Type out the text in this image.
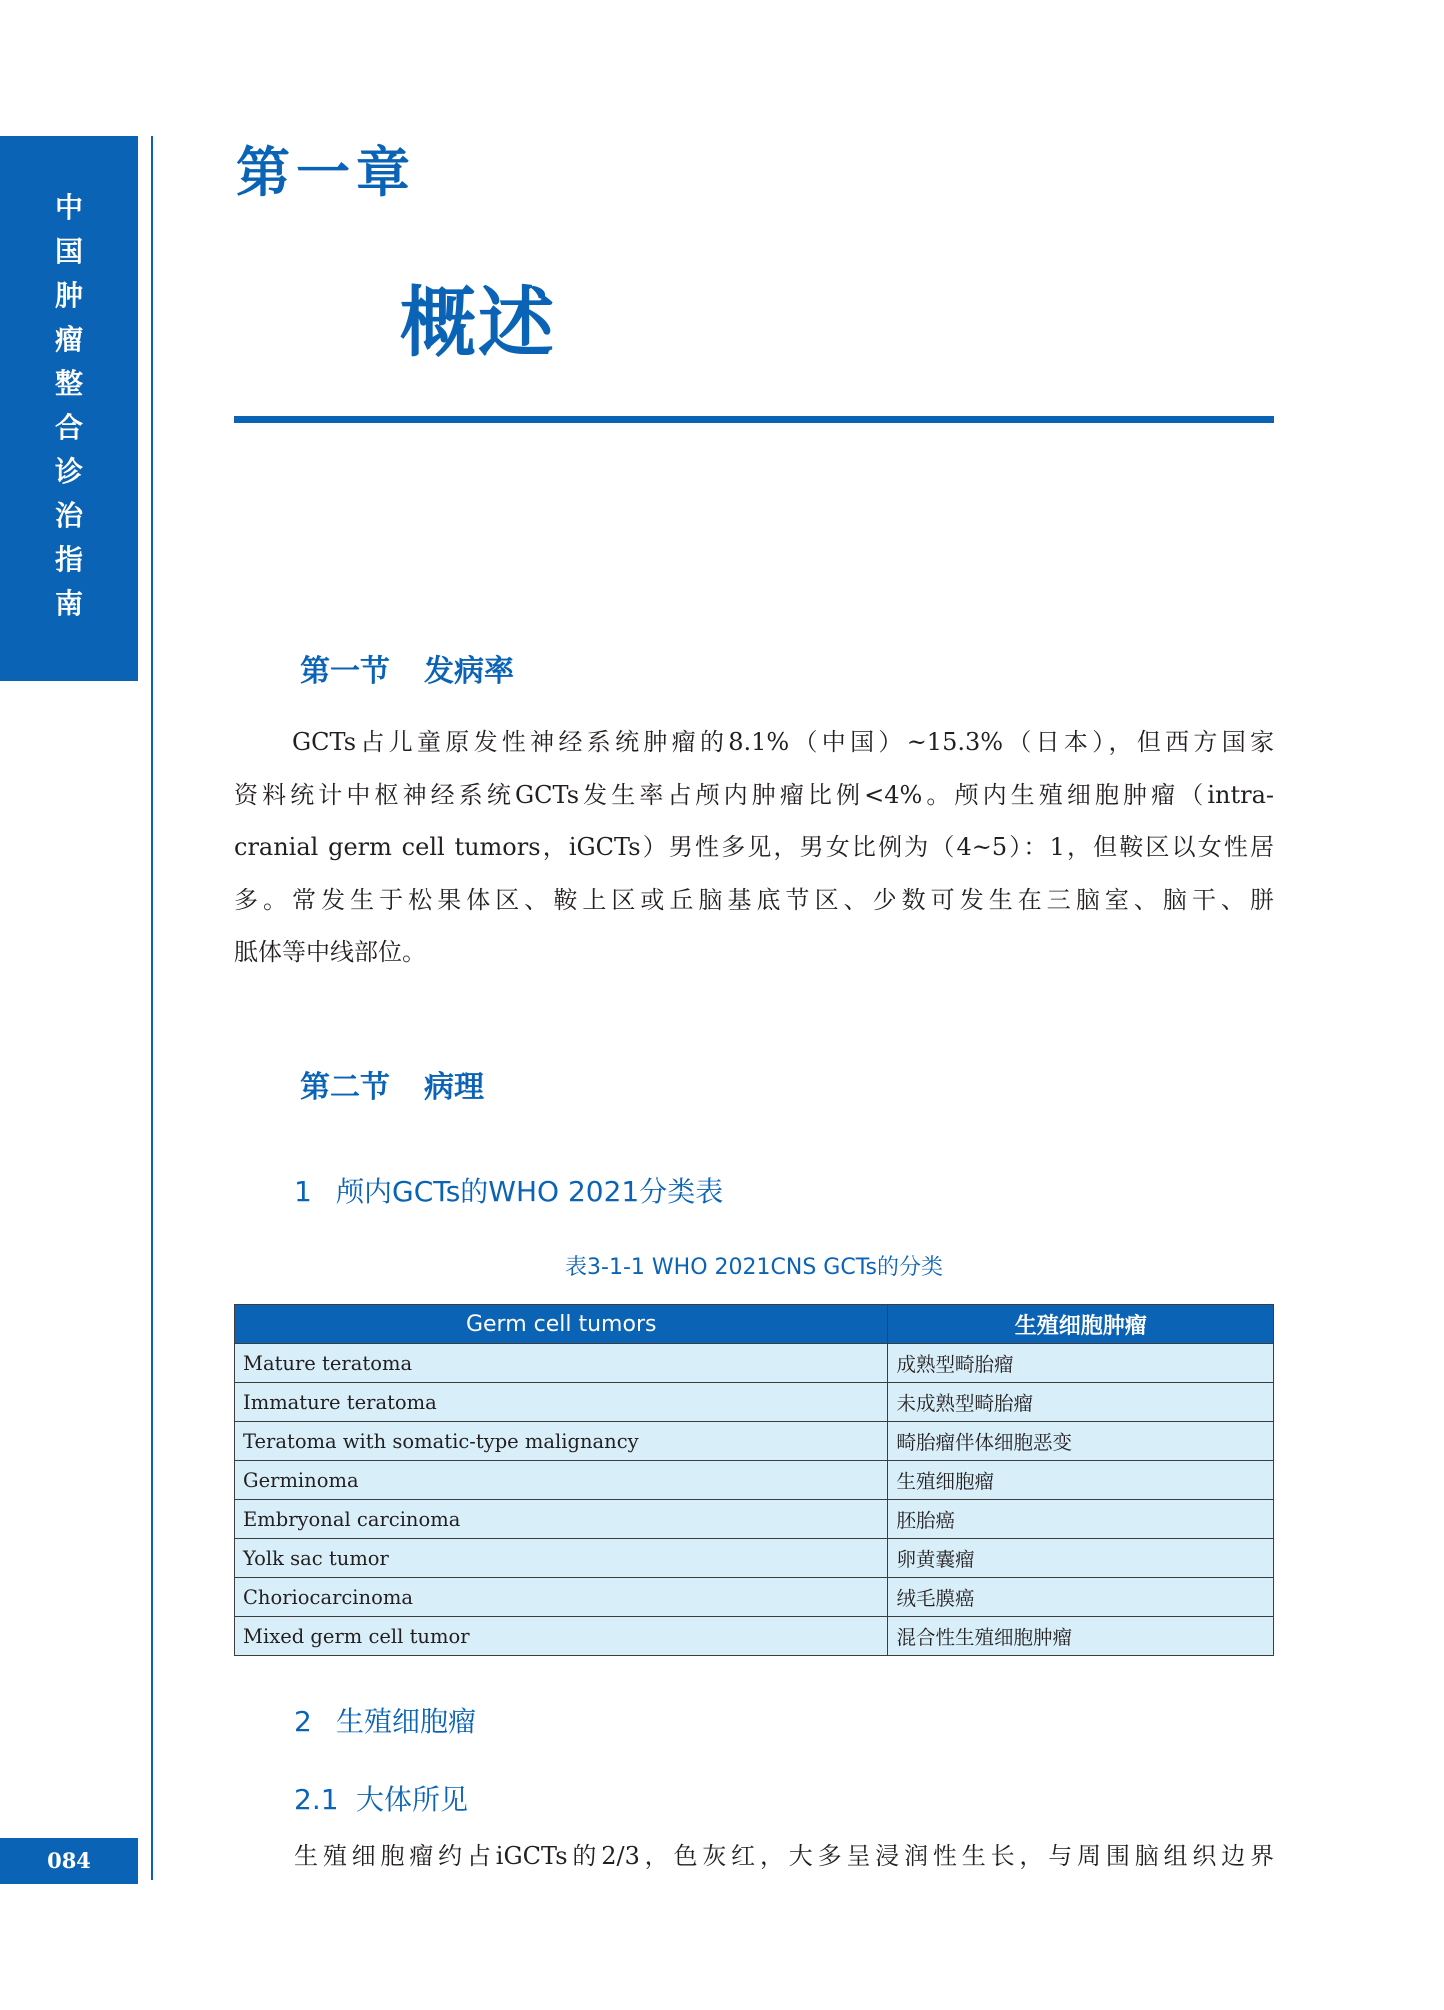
中
国
肿
瘤
整
合
诊
治
指
南
084
第一章
概述
第一节 发病率

GCTs占儿童原发性神经系统肿瘤的8.1%（中国）~15.3%（日本），但西方国家

资料统计中枢神经系统GCTs发生率占颅内肿瘤比例<4%。颅内生殖细胞肿瘤（intra-

cranial germ cell tumors，iGCTs）男性多见，男女比例为（4~5）：1，但鞍区以女性居

多。常发生于松果体区、鞍上区或丘脑基底节区、少数可发生在三脑室、脑干、胼

胝体等中线部位。

第二节 病理
1 颅内GCTs的WHO 2021分类表
表3-1-1 WHO 2021CNS GCTs的分类
Germ cell tumors	生殖细胞肿瘤
Mature teratoma	成熟型畸胎瘤
Immature teratoma	未成熟型畸胎瘤
Teratoma with somatic-type malignancy	畸胎瘤伴体细胞恶变
Germinoma	生殖细胞瘤
Embryonal carcinoma	胚胎癌
Yolk sac tumor	卵黄囊瘤
Choriocarcinoma	绒毛膜癌
Mixed germ cell tumor	混合性生殖细胞肿瘤
2 生殖细胞瘤
2.1 大体所见

生殖细胞瘤约占iGCTs的2/3，色灰红，大多呈浸润性生长，与周围脑组织边界
